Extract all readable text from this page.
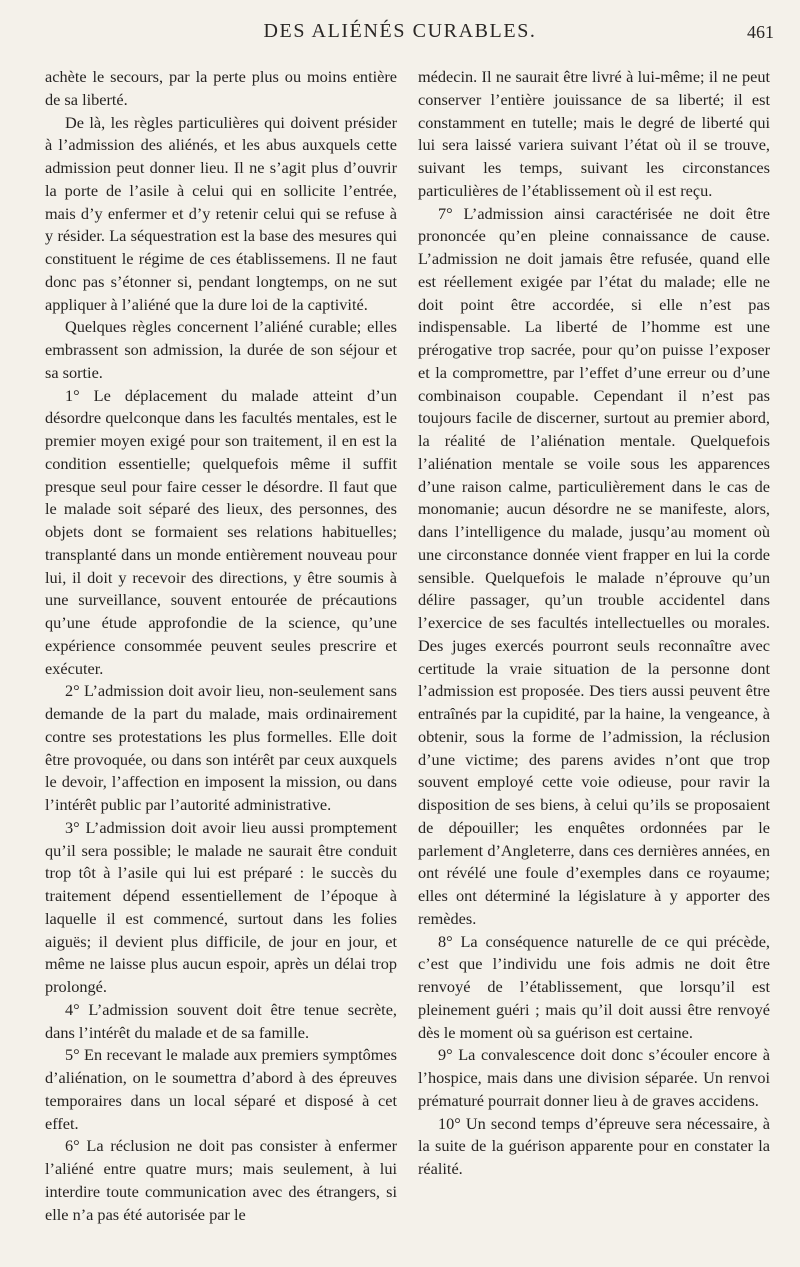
DES ALIÉNÉS CURABLES.	461

achète le secours, par la perte plus ou moins entière de sa liberté.

De là, les règles particulières qui doivent présider à l’admission des aliénés, et les abus auxquels cette admission peut donner lieu. Il ne s’agit plus d’ouvrir la porte de l’asile à celui qui en sollicite l’entrée, mais d’y enfermer et d’y retenir celui qui se refuse à y résider. La séquestration est la base des mesures qui constituent le régime de ces établissemens. Il ne faut donc pas s’étonner si, pendant longtemps, on ne sut appliquer à l’aliéné que la dure loi de la captivité.

Quelques règles concernent l’aliéné curable; elles embrassent son admission, la durée de son séjour et sa sortie.

1° Le déplacement du malade atteint d’un désordre quelconque dans les facultés mentales, est le premier moyen exigé pour son traitement, il en est la condition essentielle; quelquefois même il suffit presque seul pour faire cesser le désordre. Il faut que le malade soit séparé des lieux, des personnes, des objets dont se formaient ses relations habituelles; transplanté dans un monde entièrement nouveau pour lui, il doit y recevoir des directions, y être soumis à une surveillance, souvent entourée de précautions qu’une étude approfondie de la science, qu’une expérience consommée peuvent seules prescrire et exécuter.

2° L’admission doit avoir lieu, non-seulement sans demande de la part du malade, mais ordinairement contre ses protestations les plus formelles. Elle doit être provoquée, ou dans son intérêt par ceux auxquels le devoir, l’affection en imposent la mission, ou dans l’intérêt public par l’autorité administrative.

3° L’admission doit avoir lieu aussi promptement qu’il sera possible; le malade ne saurait être conduit trop tôt à l’asile qui lui est préparé : le succès du traitement dépend essentiellement de l’époque à laquelle il est commencé, surtout dans les folies aiguës; il devient plus difficile, de jour en jour, et même ne laisse plus aucun espoir, après un délai trop prolongé.

4° L’admission souvent doit être tenue secrète, dans l’intérêt du malade et de sa famille.

5° En recevant le malade aux premiers symptômes d’aliénation, on le soumettra d’abord à des épreuves temporaires dans un local séparé et disposé à cet effet.

6° La réclusion ne doit pas consister à enfermer l’aliéné entre quatre murs; mais seulement, à lui interdire toute communication avec des étrangers, si elle n’a pas été autorisée par le

médecin. Il ne saurait être livré à lui-même; il ne peut conserver l’entière jouissance de sa liberté; il est constamment en tutelle; mais le degré de liberté qui lui sera laissé variera suivant l’état où il se trouve, suivant les temps, suivant les circonstances particulières de l’établissement où il est reçu.

7° L’admission ainsi caractérisée ne doit être prononcée qu’en pleine connaissance de cause. L’admission ne doit jamais être refusée, quand elle est réellement exigée par l’état du malade; elle ne doit point être accordée, si elle n’est pas indispensable. La liberté de l’homme est une prérogative trop sacrée, pour qu’on puisse l’exposer et la compromettre, par l’effet d’une erreur ou d’une combinaison coupable. Cependant il n’est pas toujours facile de discerner, surtout au premier abord, la réalité de l’aliénation mentale. Quelquefois l’aliénation mentale se voile sous les apparences d’une raison calme, particulièrement dans le cas de monomanie; aucun désordre ne se manifeste, alors, dans l’intelligence du malade, jusqu’au moment où une circonstance donnée vient frapper en lui la corde sensible. Quelquefois le malade n’éprouve qu’un délire passager, qu’un trouble accidentel dans l’exercice de ses facultés intellectuelles ou morales. Des juges exercés pourront seuls reconnaître avec certitude la vraie situation de la personne dont l’admission est proposée. Des tiers aussi peuvent être entraînés par la cupidité, par la haine, la vengeance, à obtenir, sous la forme de l’admission, la réclusion d’une victime; des parens avides n’ont que trop souvent employé cette voie odieuse, pour ravir la disposition de ses biens, à celui qu’ils se proposaient de dépouiller; les enquêtes ordonnées par le parlement d’Angleterre, dans ces dernières années, en ont révélé une foule d’exemples dans ce royaume; elles ont déterminé la législature à y apporter des remèdes.

8° La conséquence naturelle de ce qui précède, c’est que l’individu une fois admis ne doit être renvoyé de l’établissement, que lorsqu’il est pleinement guéri ; mais qu’il doit aussi être renvoyé dès le moment où sa guérison est certaine.

9° La convalescence doit donc s’écouler encore à l’hospice, mais dans une division séparée. Un renvoi prématuré pourrait donner lieu à de graves accidens.

10° Un second temps d’épreuve sera nécessaire, à la suite de la guérison apparente pour en constater la réalité.
